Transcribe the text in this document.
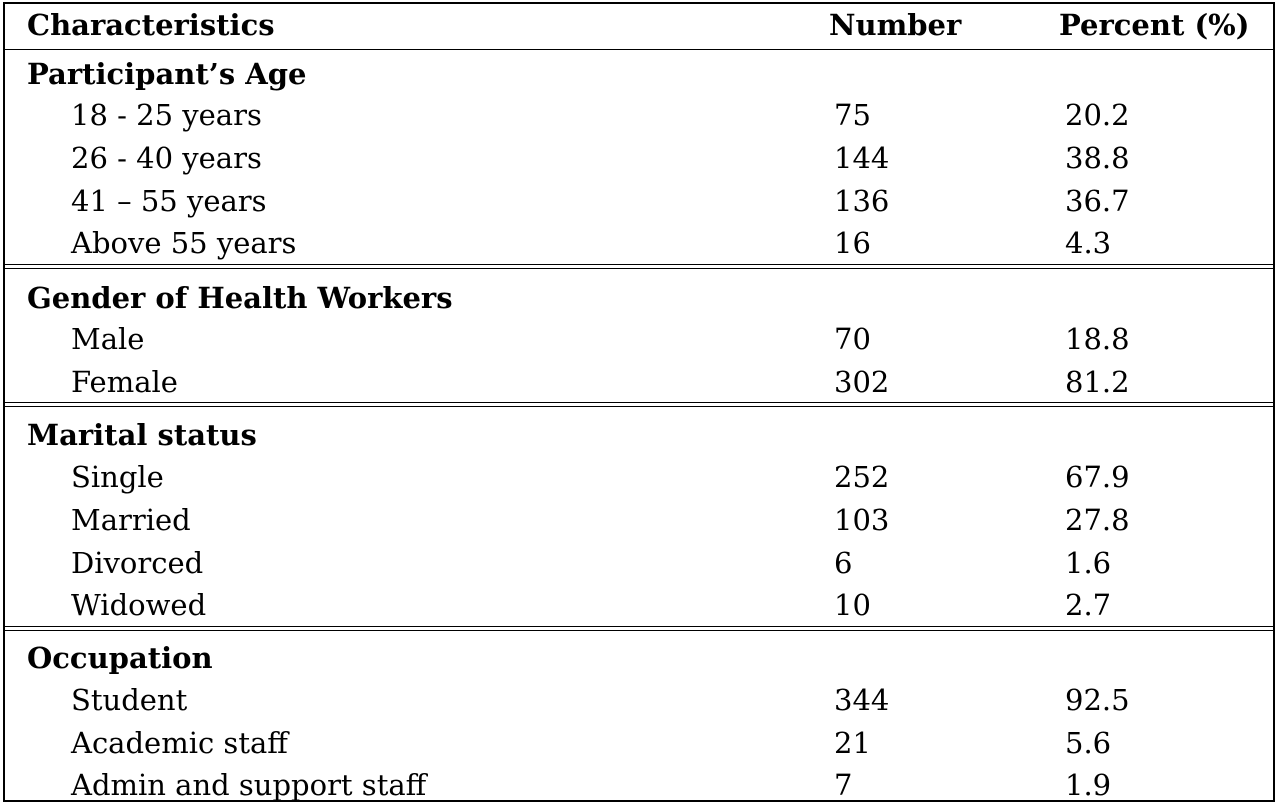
Characteristics	Number	Percent (%)
Participant’s Age
18 - 25 years	75	20.2
26 - 40 years	144	38.8
41 – 55 years	136	36.7
Above 55 years	16	4.3
Gender of Health Workers
Male	70	18.8
Female	302	81.2
Marital status
Single	252	67.9
Married	103	27.8
Divorced	6	1.6
Widowed	10	2.7
Occupation
Student	344	92.5
Academic staff	21	5.6
Admin and support staff	7	1.9
